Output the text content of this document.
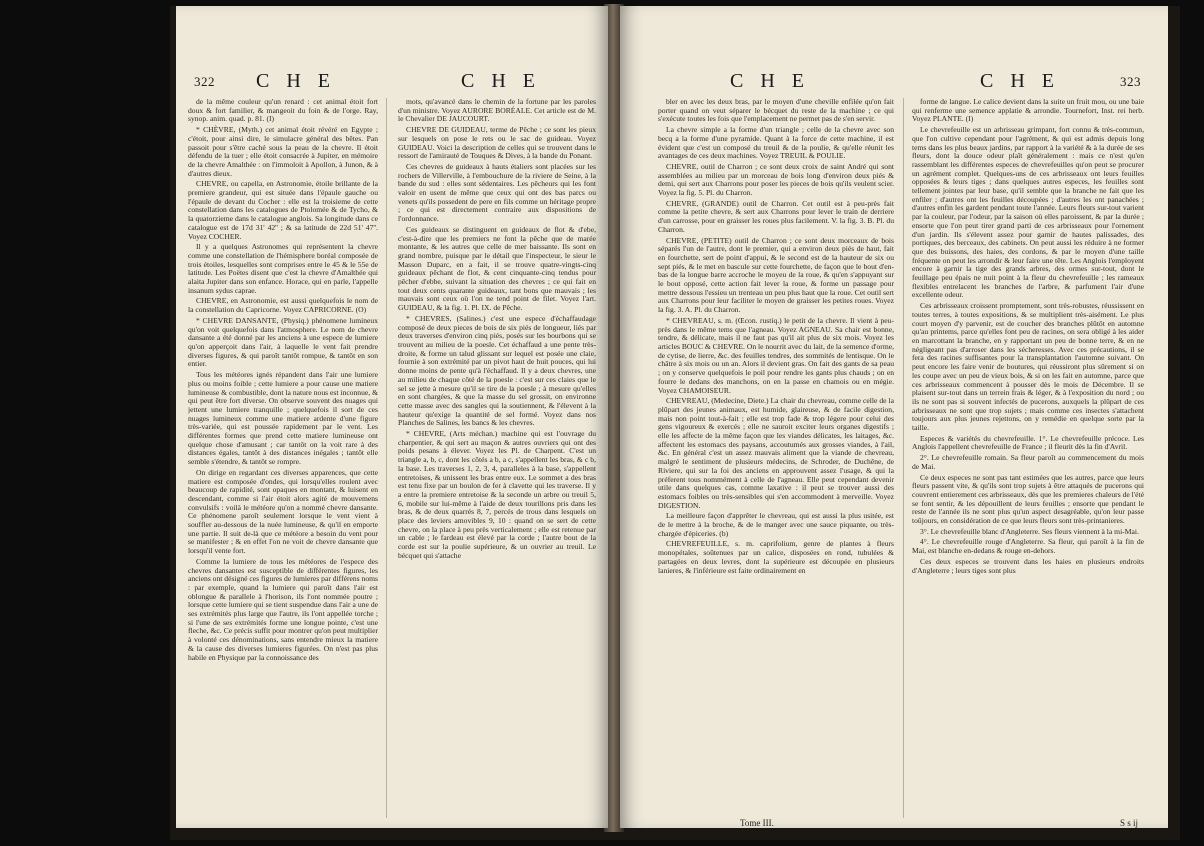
322 C H E	C H E

de la même couleur qu'un renard : cet animal étoit fort doux & fort familier, & mangeoit du foin & de l'orge. Ray, synop. anim. quad. p. 81. (I)

* CHÈVRE, (Myth.) cet animal étoit révéré en Egypte ; c'étoit, pour ainsi dire, le simulacre général des bêtes. Pan passoit pour s'être caché sous la peau de la chevre. Il étoit défendu de la tuer ; elle étoit consacrée à Jupiter, en mémoire de la chevre Amalthée : on l'immoloit à Apollon, à Junon, & à d'autres dieux.

CHEVRE, ou capella, en Astronomie, étoile brillante de la premiere grandeur, qui est située dans l'épaule gauche ou l'épaule de devant du Cocher : elle est la troisieme de cette constellation dans les catalogues de Ptolomée & de Tycho, & la quatorzieme dans le catalogue anglois. Sa longitude dans ce catalogue est de 17d 31' 42'' ; & sa latitude de 22d 51' 47''. Voyez COCHER.

Il y a quelques Astronomes qui représentent la chevre comme une constellation de l'hémisphere boréal composée de trois étoiles, lesquelles sont comprises entre le 45 & le 55e de latitude. Les Poëtes disent que c'est la chevre d'Amalthée qui alaita Jupiter dans son enfance. Horace, qui en parle, l'appelle insanum sydus caprae.

CHEVRE, en Astronomie, est aussi quelquefois le nom de la constellation du Capricorne. Voyez CAPRICORNE. (O)

* CHEVRE DANSANTE, (Physiq.) phénomene lumineux qu'on voit quelquefois dans l'atmosphere. Le nom de chevre dansante a été donné par les anciens à une espece de lumiere qu'on apperçoit dans l'air, à laquelle le vent fait prendre diverses figures, & qui paroît tantôt rompue, & tantôt en son entier.

Tous les météores ignés répandent dans l'air une lumiere plus ou moins foible ; cette lumiere a pour cause une matiere lumineuse & combustible, dont la nature nous est inconnue, & qui peut être fort diverse. On observe souvent des nuages qui jettent une lumiere tranquille ; quelquefois il sort de ces nuages lumineux comme une matiere ardente d'une figure très-variée, qui est poussée rapidement par le vent. Les différentes formes que prend cette matiere lumineuse ont quelque chose d'amusant ; car tantôt on la voit rare à des distances égales, tantôt à des distances inégales ; tantôt elle semble s'étendre, & tantôt se rompre.

On dirige en regardant ces diverses apparences, que cette matiere est composée d'ondes, qui lorsqu'elles roulent avec beaucoup de rapidité, sont opaques en montant, & luisent en descendant, comme si l'air étoit alors agité de mouvemens convulsifs : voilà le météore qu'on a nommé chevre dansante. Ce phénomene paroît seulement lorsque le vent vient à souffler au-dessous de la nuée lumineuse, & qu'il en emporte une partie. Il suit de-là que ce météore a besoin du vent pour se manifester ; & en effet l'on ne voit de chevre dansante que lorsqu'il vente fort.

Comme la lumiere de tous les météores de l'espece des chevres dansantes est susceptible de différentes figures, les anciens ont désigné ces figures de lumieres par différens noms : par exemple, quand la lumiere qui paroît dans l'air est oblongue & parallele à l'horison, ils l'ont nommée poutre ; lorsque cette lumiere qui se tient suspendue dans l'air a une de ses extrémités plus large que l'autre, ils l'ont appellée torche ; si l'une de ses extrémités forme une longue pointe, c'est une fleche, &c. Ce précis suffit pour montrer qu'on peut multiplier à volonté ces dénominations, sans entendre mieux la matiere & la cause des diverses lumieres figurées. On n'est pas plus habile en Physique par la connoissance des

mots, qu'avancé dans le chemin de la fortune par les paroles d'un ministre. Voyez AURORE BORÉALE. Cet article est de M. le Chevalier DE JAUCOURT.

CHEVRE DE GUIDEAU, terme de Pêche ; ce sont les pieux sur lesquels on pose le rets ou le sac de guideau. Voyez GUIDEAU. Voici la description de celles qui se trouvent dans le ressort de l'amirauté de Touques & Dives, à la bande du Ponant.

Ces chevres de guideaux à hauts étaliers sont placées sur les rochers de Villerville, à l'embouchure de la riviere de Seine, à la bande du sud : elles sont sédentaires. Les pêcheurs qui les font valoir en usent de même que ceux qui ont des bas parcs ou venets qu'ils possedent de pere en fils comme un héritage propre ; ce qui est directement contraire aux dispositions de l'ordonnance.

Ces guideaux se distinguent en guideaux de flot & d'ebe, c'est-à-dire que les premiers ne font la pêche que de marée montante, & les autres que celle de mer baissante. Ils sont en grand nombre, puisque par le détail que l'inspecteur, le sieur le Masson Duparc, en a fait, il se trouve quatre-vingts-cinq guideaux pêchant de flot, & cent cinquante-cinq tendus pour pêcher d'ebbe, suivant la situation des chevres ; ce qui fait en tout deux cents quarante guideaux, tant bons que mauvais ; les mauvais sont ceux où l'on ne tend point de filet. Voyez l'art. GUIDEAU, & la fig. 1. Pl. IX. de Pêche.

* CHEVRES, (Salines.) c'est une espece d'échaffaudage composé de deux pieces de bois de six piés de longueur, liés par deux traverses d'environ cinq piés, posés sur les bourbons qui se trouvent au milieu de la poesle. Cet échaffaud a une pente très-droite, & forme un talud glissant sur lequel est posée une claie, fournie à son extrémité par un pivot haut de huit pouces, qui lui donne moins de pente qu'à l'échaffaud. Il y a deux chevres, une au milieu de chaque côté de la poesle : c'est sur ces claies que le sel se jette à mesure qu'il se tire de la poesle ; à mesure qu'elles en sont chargées, & que la masse du sel grossit, on environne cette masse avec des sangles qui la soutiennent, & l'élevent à la hauteur qu'exige la quantité de sel formé. Voyez dans nos Planches de Salines, les bancs & les chevres.

* CHEVRE, (Arts méchan.) machine qui est l'ouvrage du charpentier, & qui sert au maçon & autres ouvriers qui ont des poids pesans à élever. Voyez les Pl. de Charpent. C'est un triangle a, b, c, dont les côtés a b, a c, s'appellent les bras, & c b, la base. Les traverses 1, 2, 3, 4, paralleles à la base, s'appellent entretoises, & unissent les bras entre eux. Le sommet a des bras est tenu fixe par un boulon de fer à clavette qui les traverse. Il y a entre la premiere entretoise & la seconde un arbre ou treuil 5, 6, mobile sur lui-même à l'aide de deux tourillons pris dans les bras, & de deux quarrés 8, 7, percés de trous dans lesquels on place des leviers amovibles 9, 10 : quand on se sert de cette chevre, on la place à peu près verticalement ; elle est retenue par un cable ; le fardeau est élevé par la corde ; l'autre bout de la corde est sur la poulie supérieure, & un ouvrier au treuil. Le bécquet qui s'attache

C H E	C H E	323

bler en avec les deux bras, par le moyen d'une cheville enfilée qu'on fait porter quand on veut séparer le bécquet du reste de la machine ; ce qui s'exécute toutes les fois que l'emplacement ne permet pas de s'en servir.

La chevre simple a la forme d'un triangle ; celle de la chevre avec son becq a la forme d'une pyramide. Quant à la force de cette machine, il est évident que c'est un composé du treuil & de la poulie, & qu'elle réunit les avantages de ces deux machines. Voyez TREUIL & POULIE.

CHEVRE, outil de Charron ; ce sont deux croix de saint André qui sont assemblées au milieu par un morceau de bois long d'environ deux piés & demi, qui sert aux Charrons pour poser les pieces de bois qu'ils veulent scier. Voyez la fig. 5. Pl. du Charron.

CHEVRE, (GRANDE) outil de Charron. Cet outil est à peu-près fait comme la petite chevre, & sert aux Charrons pour lever le train de derriere d'un carrosse, pour en graisser les roues plus facilement. V. la fig. 3. B. Pl. du Charron.

CHEVRE, (PETITE) outil de Charron ; ce sont deux morceaux de bois séparés l'un de l'autre, dont le premier, qui a environ deux piés de haut, fait en fourchette, sert de point d'appui, & le second est de la hauteur de six ou sept piés, & le met en bascule sur cette fourchette, de façon que le bout d'en-bas de la longue barre accroche le moyeu de la roue, & qu'en s'appuyant sur le bout opposé, cette action fait lever la roue, & forme un passage pour mettre dessous l'essieu un trenteau un peu plus haut que la roue. Cet outil sert aux Charrons pour leur faciliter le moyen de graisser les petites roues. Voyez la fig. 3. A. Pl. du Charron.

* CHEVREAU, s. m. (Œcon. rustiq.) le petit de la chevre. Il vient à peu-près dans le même tems que l'agneau. Voyez AGNEAU. Sa chair est bonne, tendre, & délicate, mais il ne faut pas qu'il ait plus de six mois. Voyez les articles BOUC & CHEVRE. On le nourrit avec du lait, de la semence d'orme, de cytise, de lierre, &c. des feuilles tendres, des sommités de lentisque. On le châtre à six mois ou un an. Alors il devient gras. On fait des gants de sa peau ; on y conserve quelquefois le poil pour rendre les gants plus chauds ; on en fourre le dedans des manchons, on en la passe en chamois ou en mégie. Voyez CHAMOISEUR.

CHEVREAU, (Medecine, Diete.) La chair du chevreau, comme celle de la plûpart des jeunes animaux, est humide, glaireuse, & de facile digestion, mais non point tout-à-fait ; elle est trop fade & trop légere pour celui des gens vigoureux & exercés ; elle ne sauroit exciter leurs organes digestifs ; elle les affecte de la même façon que les viandes délicates, les laitages, &c. affectent les estomacs des paysans, accoutumés aux grosses viandes, à l'ail, &c. En général c'est un assez mauvais aliment que la viande de chevreau, malgré le sentiment de plusieurs médecins, de Schroder, de Duchêne, de Riviere, qui sur la foi des anciens en approuvent assez l'usage, & qui la préferent tous nommément à celle de l'agneau. Elle peut cependant devenir utile dans quelques cas, comme laxative : il peut se trouver aussi des estomacs foibles ou très-sensibles qui s'en accommodent à merveille. Voyez DIGESTION.

La meilleure façon d'apprêter le chevreau, qui est aussi la plus usitée, est de le mettre à la broche, & de le manger avec une sauce piquante, ou très-chargée d'épiceries. (b)

CHEVREFEUILLE, s. m. caprifolium, genre de plantes à fleurs monopétales, soûtenues par un calice, disposées en rond, tubulées & partagées en deux levres, dont la supérieure est découpée en plusieurs lanieres, & l'inférieure est faite ordinairement en

forme de langue. Le calice devient dans la suite un fruit mou, ou une baie qui renferme une semence applatie & arrondie. Tournefort, Inst. rei herb. Voyez PLANTE. (I)

Le chevrefeuille est un arbrisseau grimpant, fort connu & très-commun, que l'on cultive cependant pour l'agrément, & qui est admis depuis long tems dans les plus beaux jardins, par rapport à la variété & à la durée de ses fleurs, dont la douce odeur plaît généralement : mais ce n'est qu'en rassemblant les différentes especes de chevrefeuilles qu'on peut se procurer un agrément complet. Quelques-uns de ces arbrisseaux ont leurs feuilles opposées & leurs tiges ; dans quelques autres especes, les feuilles sont tellement jointes par leur base, qu'il semble que la branche ne fait que les enfiler ; d'autres ont les feuilles découpées ; d'autres les ont panachées ; d'autres enfin les gardent pendant toute l'année. Leurs fleurs sur-tout varient par la couleur, par l'odeur, par la saison où elles paroissent, & par la durée ; ensorte que l'on peut tirer grand parti de ces arbrisseaux pour l'ornement d'un jardin. Ils s'élevent assez pour garnir de hautes palissades, des portiques, des berceaux, des cabinets. On peut aussi les réduire à ne former que des buissons, des haies, des cordons, & par le moyen d'une taille fréquente on peut les arrondir & leur faire une tête. Les Anglois l'employent encore à garnir la tige des grands arbres, des ormes sur-tout, dont le feuillage peu épais ne nuit point à la fleur du chevrefeuille ; les rameaux flexibles entrelacent les branches de l'arbre, & parfument l'air d'une excellente odeur.

Ces arbrisseaux croissent promptement, sont très-robustes, réussissent en toutes terres, à toutes expositions, & se multiplient très-aisément. Le plus court moyen d'y parvenir, est de coucher des branches plûtôt en automne qu'au printems, parce qu'elles font peu de racines, on sera obligé à les aider en marcottant la branche, en y rapportant un peu de bonne terre, & en ne négligeant pas d'arroser dans les sécheresses. Avec ces précautions, il se fera des racines suffisantes pour la transplantation l'automne suivant. On peut encore les faire venir de boutures, qui réussiront plus sûrement si on les coupe avec un peu de vieux bois, & si on les fait en automne, parce que ces arbrisseaux commencent à pousser dès le mois de Décembre. Il se plaisent sur-tout dans un terrein frais & léger, & à l'exposition du nord ; ou ils ne sont pas si souvent infectés de pucerons, auxquels la plûpart de ces arbrisseaux ne sont que trop sujets ; mais comme ces insectes s'attachent toujours aux plus jeunes rejettons, on y remédie en quelque sorte par la taille.

Especes & variétés du chevrefeuille. 1°. Le chevrefeuille précoce. Les Anglois l'appellent chevrefeuille de France ; il fleurit dès la fin d'Avril.

2°. Le chevrefeuille romain. Sa fleur paroît au commencement du mois de Mai.

Ce deux especes ne sont pas tant estimées que les autres, parce que leurs fleurs passent vite, & qu'ils sont trop sujets à être attaqués de pucerons qui couvrent entierement ces arbrisseaux, dès que les premieres chaleurs de l'été se font sentir, & les dépouillent de leurs feuilles ; ensorte que pendant le reste de l'année ils ne sont plus qu'un aspect desagréable, qu'on leur passe toûjours, en considération de ce que leurs fleurs sont très-printanieres.

3°. Le chevrefeuille blanc d'Angleterre. Ses fleurs viennent à la mi-Mai.

4°. Le chevrefeuille rouge d'Angleterre. Sa fleur, qui paroît à la fin de Mai, est blanche en-dedans & rouge en-dehors.

Ces deux especes se trouvent dans les haies en plusieurs endroits d'Angleterre ; leurs tiges sont plus

Tome III.	S s ij
